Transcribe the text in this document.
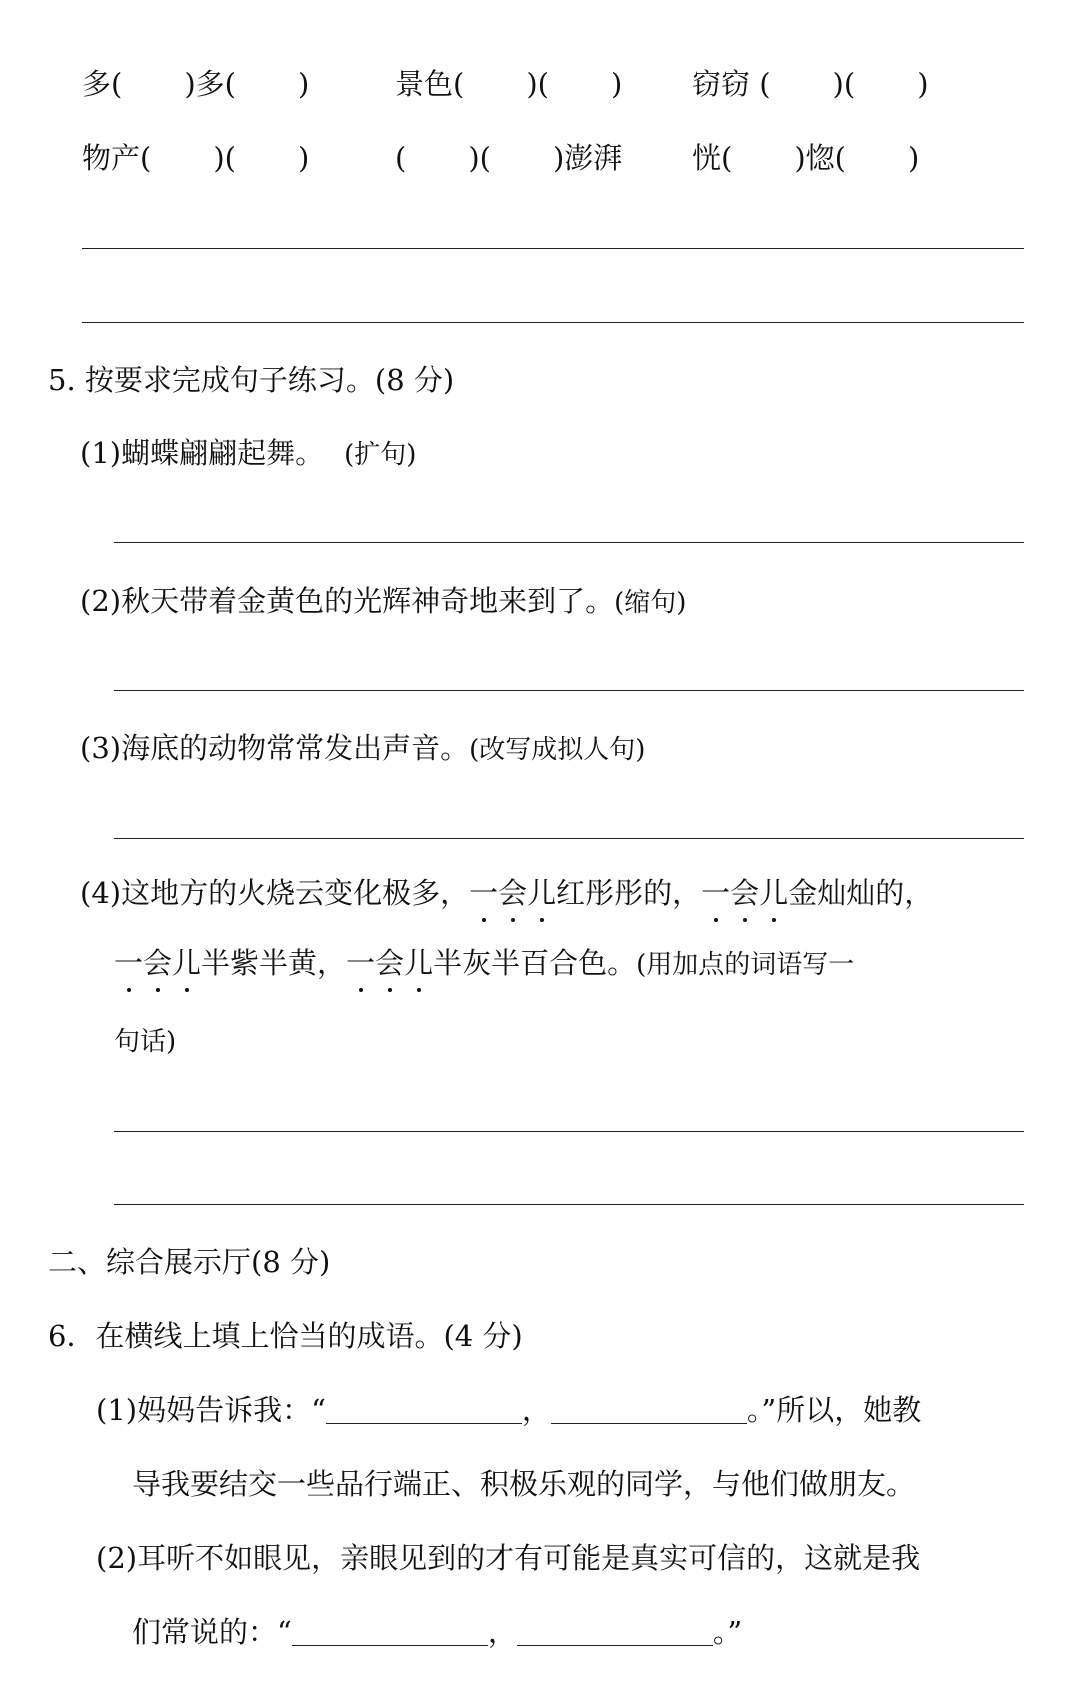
多( )多( )	景色( )( ) 窃窃 ( )( )
物产( )( )	( )( )澎湃 恍( )惚( )
5. 按要求完成句子练习。(8 分)
(1)蝴蝶翩翩起舞。 (扩句)
(2)秋天带着金黄色的光辉神奇地来到了。(缩句)
(3)海底的动物常常发出声音。(改写成拟人句)
(4)这地方的火烧云变化极多，一会儿红彤彤的，一会儿金灿灿的，
一会儿半紫半黄，一会儿半灰半百合色。(用加点的词语写一
句话)
二、综合展示厅(8 分)
6．在横线上填上恰当的成语。(4 分)
(1)妈妈告诉我：“	，	。”所以，她教
导我要结交一些品行端正、积极乐观的同学，与他们做朋友。
(2)耳听不如眼见，亲眼见到的才有可能是真实可信的，这就是我
们常说的：“	，	。”
